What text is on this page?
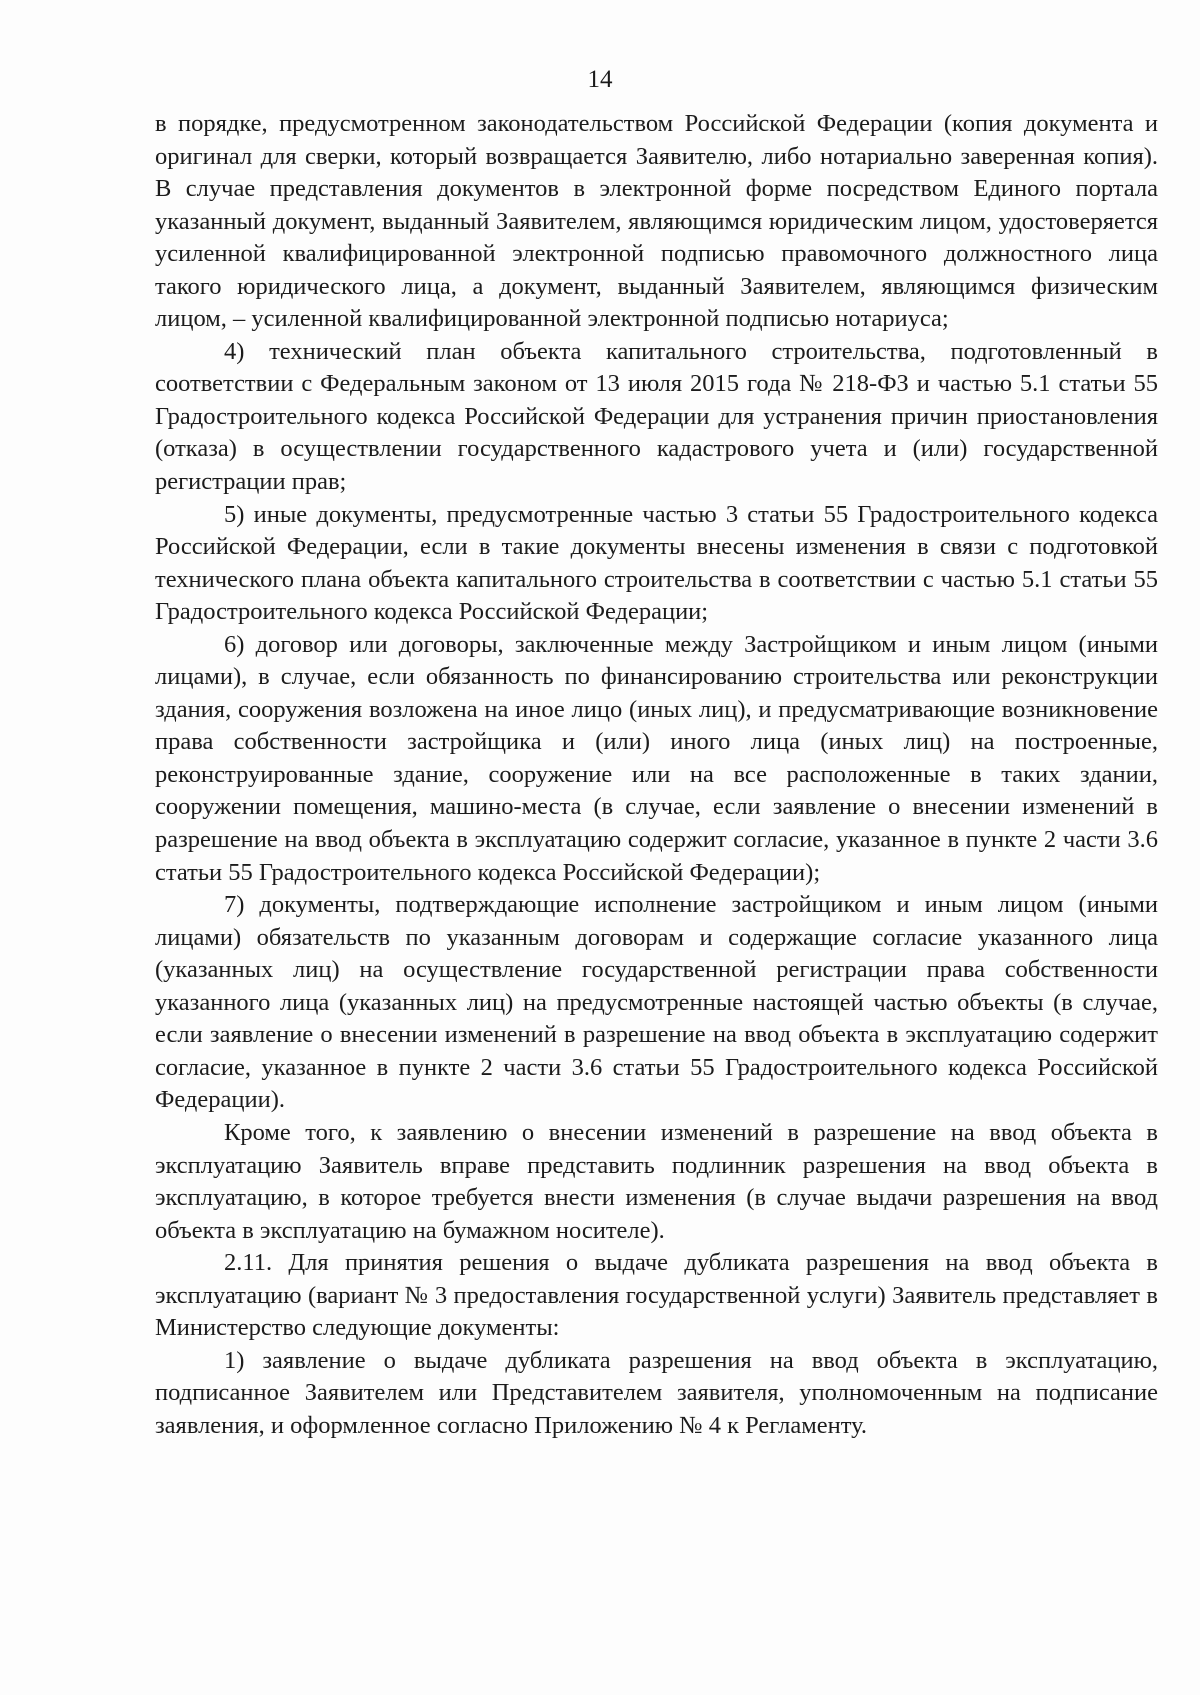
14

в порядке, предусмотренном законодательством Российской Федерации (копия документа и оригинал для сверки, который возвращается Заявителю, либо нотариально заверенная копия). В случае представления документов в электронной форме посредством Единого портала указанный документ, выданный Заявителем, являющимся юридическим лицом, удостоверяется усиленной квалифицированной электронной подписью правомочного должностного лица такого юридического лица, а документ, выданный Заявителем, являющимся физическим лицом, – усиленной квалифицированной электронной подписью нотариуса;

4) технический план объекта капитального строительства, подготовленный в соответствии с Федеральным законом от 13 июля 2015 года № 218-ФЗ и частью 5.1 статьи 55 Градостроительного кодекса Российской Федерации для устранения причин приостановления (отказа) в осуществлении государственного кадастрового учета и (или) государственной регистрации прав;

5) иные документы, предусмотренные частью 3 статьи 55 Градостроительного кодекса Российской Федерации, если в такие документы внесены изменения в связи с подготовкой технического плана объекта капитального строительства в соответствии с частью 5.1 статьи 55 Градостроительного кодекса Российской Федерации;

6) договор или договоры, заключенные между Застройщиком и иным лицом (иными лицами), в случае, если обязанность по финансированию строительства или реконструкции здания, сооружения возложена на иное лицо (иных лиц), и предусматривающие возникновение права собственности застройщика и (или) иного лица (иных лиц) на построенные, реконструированные здание, сооружение или на все расположенные в таких здании, сооружении помещения, машино-места (в случае, если заявление о внесении изменений в разрешение на ввод объекта в эксплуатацию содержит согласие, указанное в пункте 2 части 3.6 статьи 55 Градостроительного кодекса Российской Федерации);

7) документы, подтверждающие исполнение застройщиком и иным лицом (иными лицами) обязательств по указанным договорам и содержащие согласие указанного лица (указанных лиц) на осуществление государственной регистрации права собственности указанного лица (указанных лиц) на предусмотренные настоящей частью объекты (в случае, если заявление о внесении изменений в разрешение на ввод объекта в эксплуатацию содержит согласие, указанное в пункте 2 части 3.6 статьи 55 Градостроительного кодекса Российской Федерации).

Кроме того, к заявлению о внесении изменений в разрешение на ввод объекта в эксплуатацию Заявитель вправе представить подлинник разрешения на ввод объекта в эксплуатацию, в которое требуется внести изменения (в случае выдачи разрешения на ввод объекта в эксплуатацию на бумажном носителе).

2.11. Для принятия решения о выдаче дубликата разрешения на ввод объекта в эксплуатацию (вариант № 3 предоставления государственной услуги) Заявитель представляет в Министерство следующие документы:

1) заявление о выдаче дубликата разрешения на ввод объекта в эксплуатацию, подписанное Заявителем или Представителем заявителя, уполномоченным на подписание заявления, и оформленное согласно Приложению № 4 к Регламенту.
